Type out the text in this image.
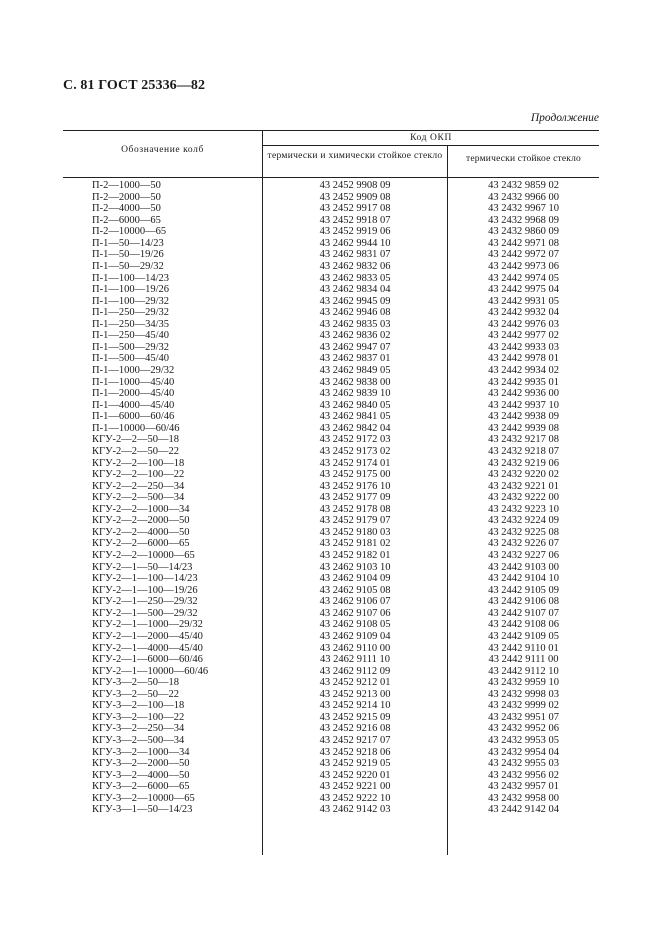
С. 81 ГОСТ 25336—82
Продолжение
Обозначение колб
Код ОКП
термически и химически стойкое стекло	термически стойкое стекло
П-2—1000—50	43 2452 9908 09	43 2432 9859 02
П-2—2000—50	43 2452 9909 08	43 2432 9966 00
П-2—4000—50	43 2452 9917 08	43 2432 9967 10
П-2—6000—65	43 2452 9918 07	43 2432 9968 09
П-2—10000—65	43 2452 9919 06	43 2432 9860 09
П-1—50—14/23	43 2462 9944 10	43 2442 9971 08
П-1—50—19/26	43 2462 9831 07	43 2442 9972 07
П-1—50—29/32	43 2462 9832 06	43 2442 9973 06
П-1—100—14/23	43 2462 9833 05	43 2442 9974 05
П-1—100—19/26	43 2462 9834 04	43 2442 9975 04
П-1—100—29/32	43 2462 9945 09	43 2442 9931 05
П-1—250—29/32	43 2462 9946 08	43 2442 9932 04
П-1—250—34/35	43 2462 9835 03	43 2442 9976 03
П-1—250—45/40	43 2462 9836 02	43 2442 9977 02
П-1—500—29/32	43 2462 9947 07	43 2442 9933 03
П-1—500—45/40	43 2462 9837 01	43 2442 9978 01
П-1—1000—29/32	43 2462 9849 05	43 2442 9934 02
П-1—1000—45/40	43 2462 9838 00	43 2442 9935 01
П-1—2000—45/40	43 2462 9839 10	43 2442 9936 00
П-1—4000—45/40	43 2462 9840 05	43 2442 9937 10
П-1—6000—60/46	43 2462 9841 05	43 2442 9938 09
П-1—10000—60/46	43 2462 9842 04	43 2442 9939 08
КГУ-2—2—50—18	43 2452 9172 03	43 2432 9217 08
КГУ-2—2—50—22	43 2452 9173 02	43 2432 9218 07
КГУ-2—2—100—18	43 2452 9174 01	43 2432 9219 06
КГУ-2—2—100—22	43 2452 9175 00	43 2432 9220 02
КГУ-2—2—250—34	43 2452 9176 10	43 2432 9221 01
КГУ-2—2—500—34	43 2452 9177 09	43 2432 9222 00
КГУ-2—2—1000—34	43 2452 9178 08	43 2432 9223 10
КГУ-2—2—2000—50	43 2452 9179 07	43 2432 9224 09
КГУ-2—2—4000—50	43 2452 9180 03	43 2432 9225 08
КГУ-2—2—6000—65	43 2452 9181 02	43 2432 9226 07
КГУ-2—2—10000—65	43 2452 9182 01	43 2432 9227 06
КГУ-2—1—50—14/23	43 2462 9103 10	43 2442 9103 00
КГУ-2—1—100—14/23	43 2462 9104 09	43 2442 9104 10
КГУ-2—1—100—19/26	43 2462 9105 08	43 2442 9105 09
КГУ-2—1—250—29/32	43 2462 9106 07	43 2442 9106 08
КГУ-2—1—500—29/32	43 2462 9107 06	43 2442 9107 07
КГУ-2—1—1000—29/32	43 2462 9108 05	43 2442 9108 06
КГУ-2—1—2000—45/40	43 2462 9109 04	43 2442 9109 05
КГУ-2—1—4000—45/40	43 2462 9110 00	43 2442 9110 01
КГУ-2—1—6000—60/46	43 2462 9111 10	43 2442 9111 00
КГУ-2—1—10000—60/46	43 2462 9112 09	43 2442 9112 10
КГУ-3—2—50—18	43 2452 9212 01	43 2432 9959 10
КГУ-3—2—50—22	43 2452 9213 00	43 2432 9998 03
КГУ-3—2—100—18	43 2452 9214 10	43 2432 9999 02
КГУ-3—2—100—22	43 2452 9215 09	43 2432 9951 07
КГУ-3—2—250—34	43 2452 9216 08	43 2432 9952 06
КГУ-3—2—500—34	43 2452 9217 07	43 2432 9953 05
КГУ-3—2—1000—34	43 2452 9218 06	43 2432 9954 04
КГУ-3—2—2000—50	43 2452 9219 05	43 2432 9955 03
КГУ-3—2—4000—50	43 2452 9220 01	43 2432 9956 02
КГУ-3—2—6000—65	43 2452 9221 00	43 2432 9957 01
КГУ-3—2—10000—65	43 2452 9222 10	43 2432 9958 00
КГУ-3—1—50—14/23	43 2462 9142 03	43 2442 9142 04
